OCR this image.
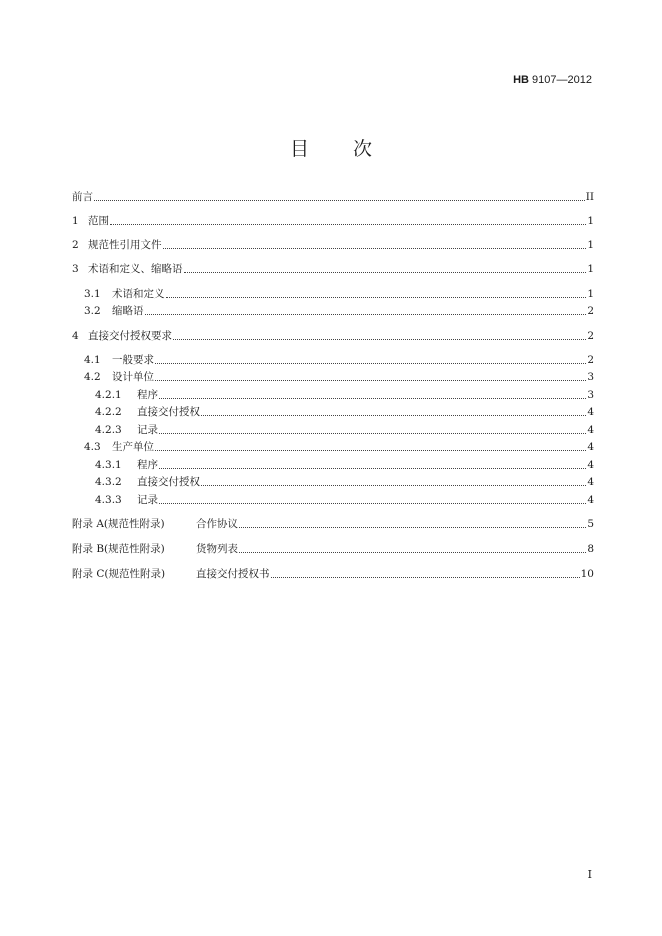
HB 9107—2012
目 次
前言	II
1 范围	1
2 规范性引用文件	1
3 术语和定义、缩略语	1
3.1 术语和定义	1
3.2 缩略语	2
4 直接交付授权要求	2
4.1 一般要求	2
4.2 设计单位	3
4.2.1 程序	3
4.2.2 直接交付授权	4
4.2.3 记录	4
4.3 生产单位	4
4.3.1 程序	4
4.3.2 直接交付授权	4
4.3.3 记录	4
附录 A(规范性附录)	合作协议	5
附录 B(规范性附录)	货物列表	8
附录 C(规范性附录)	直接交付授权书	10
I
